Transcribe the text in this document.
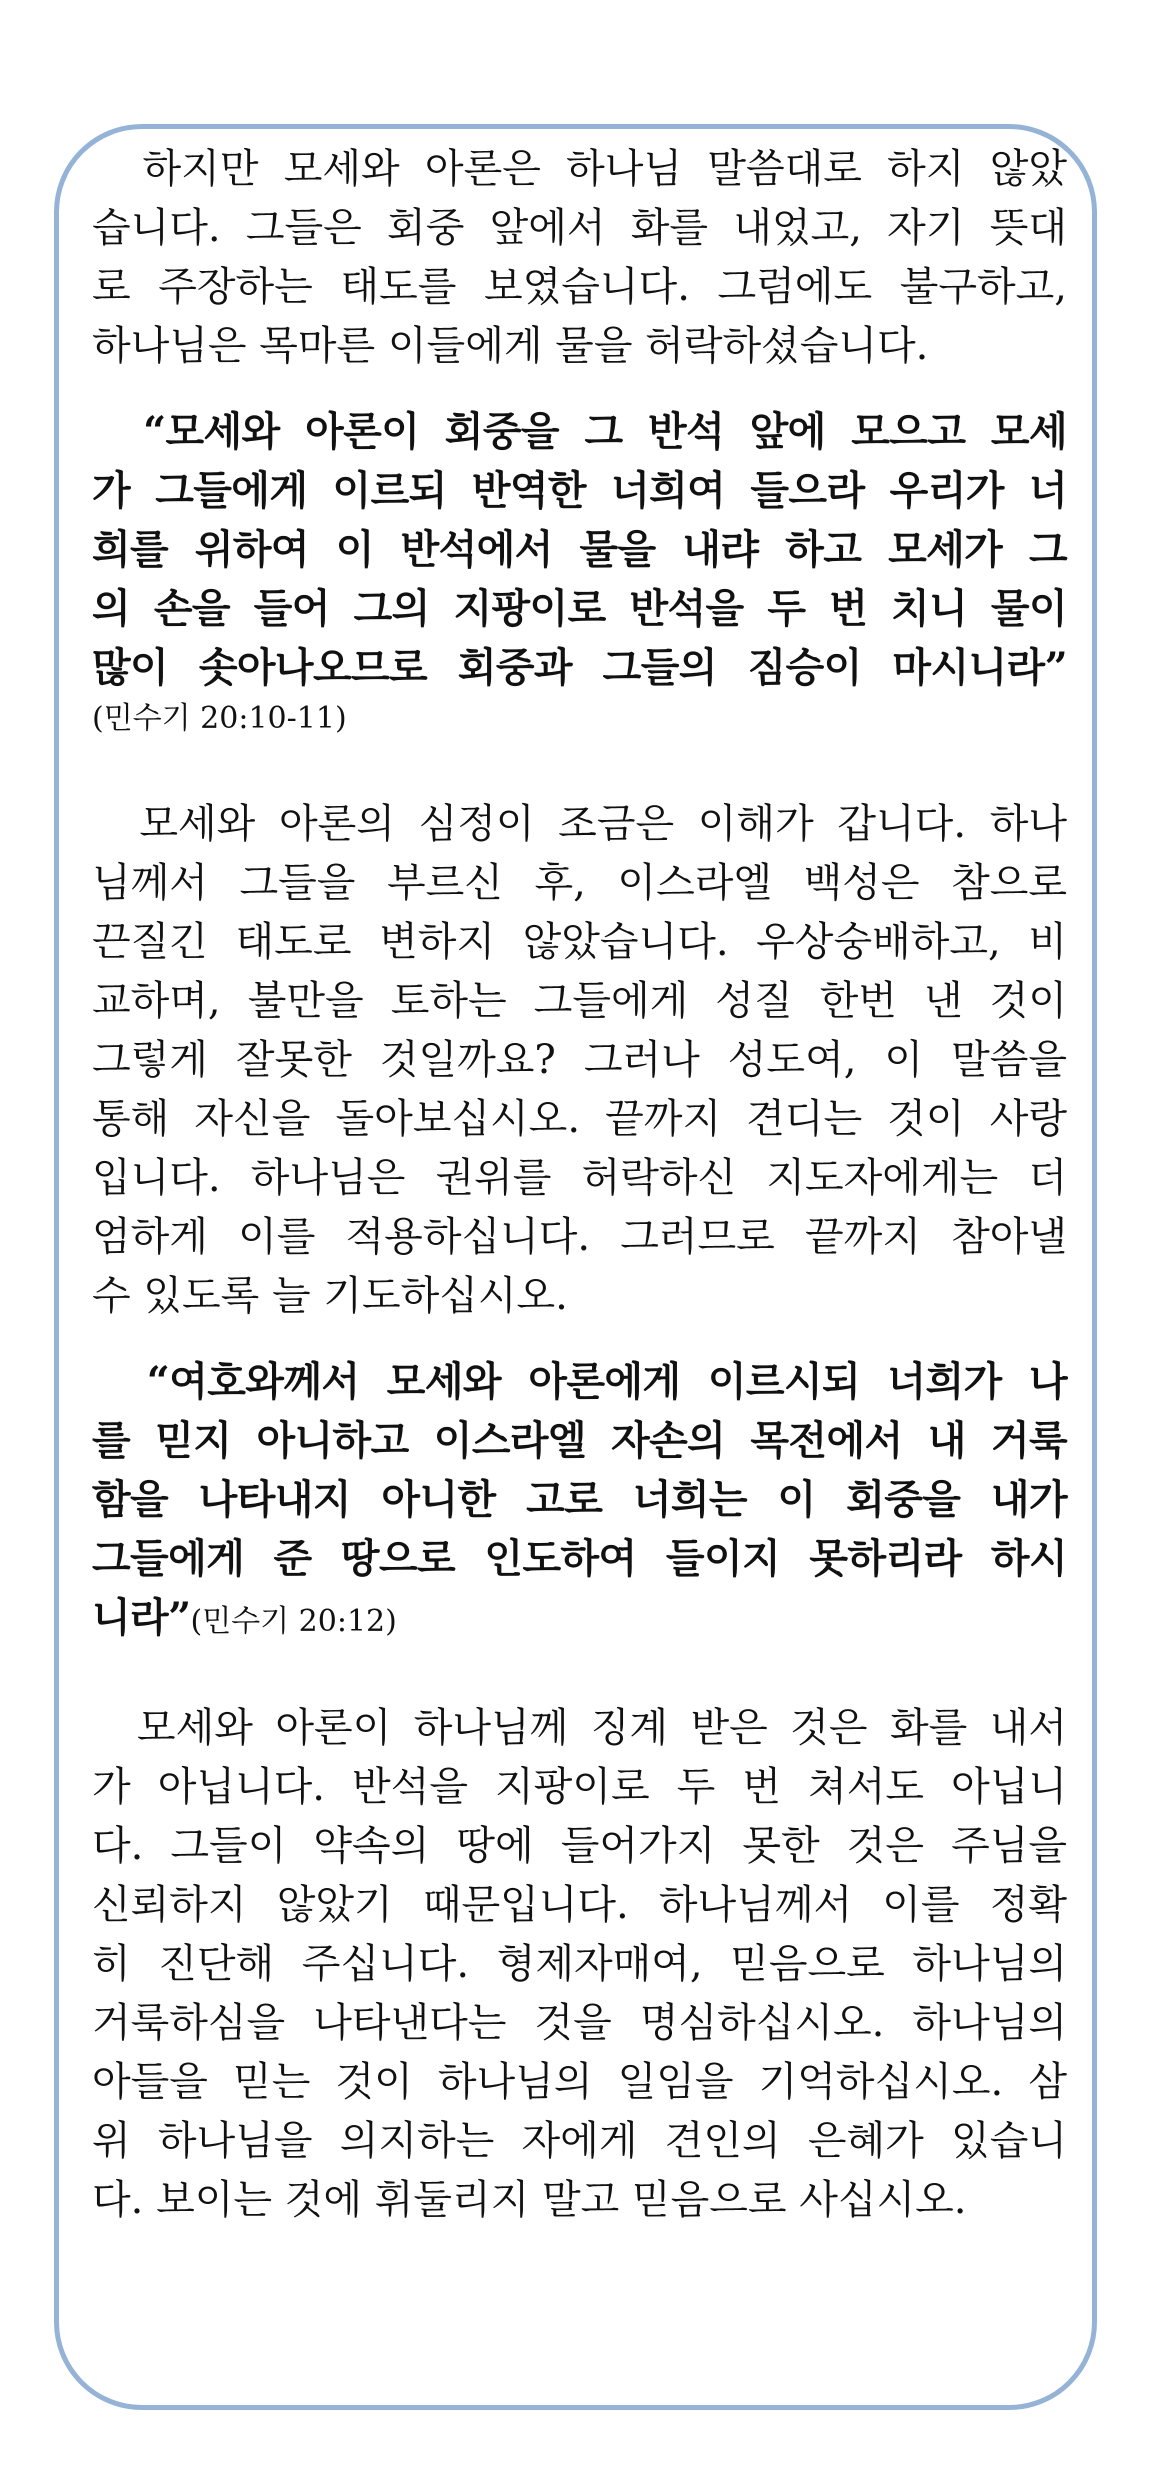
하지만 모세와 아론은 하나님 말씀대로 하지 않았
습니다. 그들은 회중 앞에서 화를 내었고, 자기 뜻대
로 주장하는 태도를 보였습니다. 그럼에도 불구하고,
하나님은 목마른 이들에게 물을 허락하셨습니다.
“모세와 아론이 회중을 그 반석 앞에 모으고 모세
가 그들에게 이르되 반역한 너희여 들으라 우리가 너
희를 위하여 이 반석에서 물을 내랴 하고 모세가 그
의 손을 들어 그의 지팡이로 반석을 두 번 치니 물이
많이 솟아나오므로 회중과 그들의 짐승이 마시니라”
(민수기 20:10-11)
모세와 아론의 심정이 조금은 이해가 갑니다. 하나
님께서 그들을 부르신 후, 이스라엘 백성은 참으로
끈질긴 태도로 변하지 않았습니다. 우상숭배하고, 비
교하며, 불만을 토하는 그들에게 성질 한번 낸 것이
그렇게 잘못한 것일까요? 그러나 성도여, 이 말씀을
통해 자신을 돌아보십시오. 끝까지 견디는 것이 사랑
입니다. 하나님은 권위를 허락하신 지도자에게는 더
엄하게 이를 적용하십니다. 그러므로 끝까지 참아낼
수 있도록 늘 기도하십시오.
“여호와께서 모세와 아론에게 이르시되 너희가 나
를 믿지 아니하고 이스라엘 자손의 목전에서 내 거룩
함을 나타내지 아니한 고로 너희는 이 회중을 내가
그들에게 준 땅으로 인도하여 들이지 못하리라 하시
니라”(민수기 20:12)
모세와 아론이 하나님께 징계 받은 것은 화를 내서
가 아닙니다. 반석을 지팡이로 두 번 쳐서도 아닙니
다. 그들이 약속의 땅에 들어가지 못한 것은 주님을
신뢰하지 않았기 때문입니다. 하나님께서 이를 정확
히 진단해 주십니다. 형제자매여, 믿음으로 하나님의
거룩하심을 나타낸다는 것을 명심하십시오. 하나님의
아들을 믿는 것이 하나님의 일임을 기억하십시오. 삼
위 하나님을 의지하는 자에게 견인의 은혜가 있습니
다. 보이는 것에 휘둘리지 말고 믿음으로 사십시오.
